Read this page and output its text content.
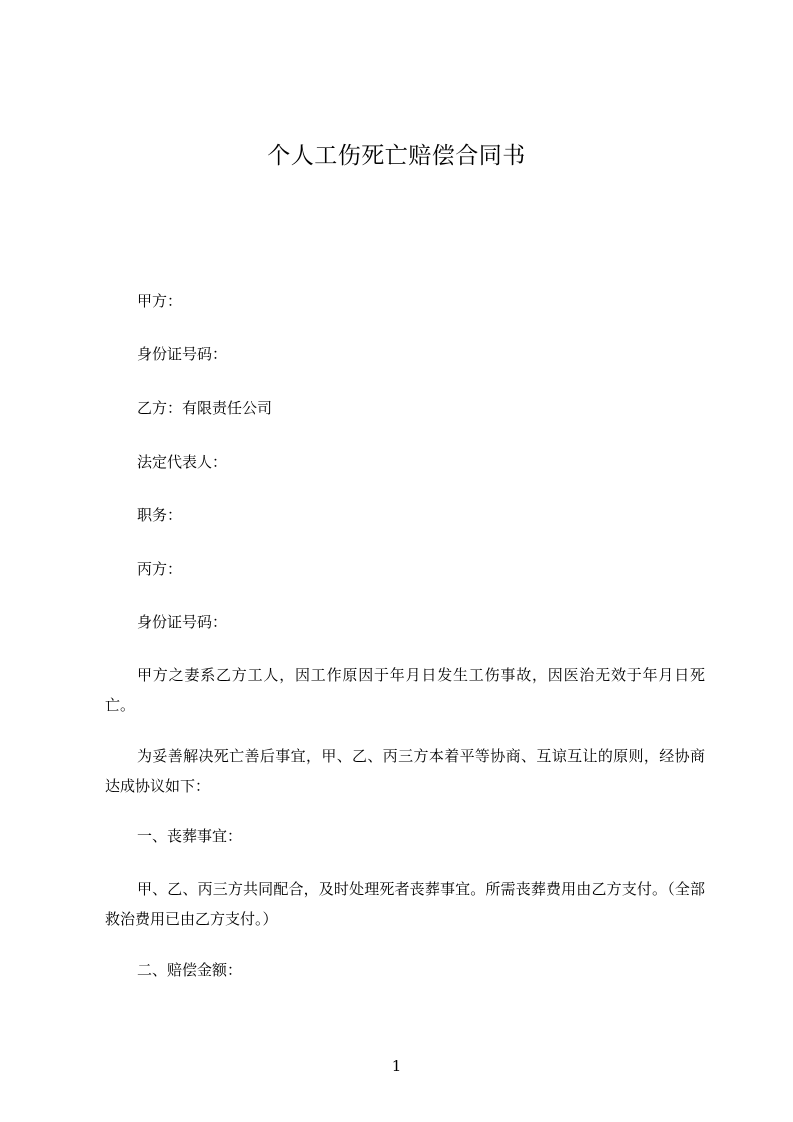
个人工伤死亡赔偿合同书
甲方：
身份证号码：
乙方：有限责任公司
法定代表人：
职务：
丙方：
身份证号码：
甲方之妻系乙方工人，因工作原因于年月日发生工伤事故，因医治无效于年月日死亡。
为妥善解决死亡善后事宜，甲、乙、丙三方本着平等协商、互谅互让的原则，经协商达成协议如下：
一、丧葬事宜：
甲、乙、丙三方共同配合，及时处理死者丧葬事宜。所需丧葬费用由乙方支付。（全部救治费用已由乙方支付。）
二、赔偿金额：
1
